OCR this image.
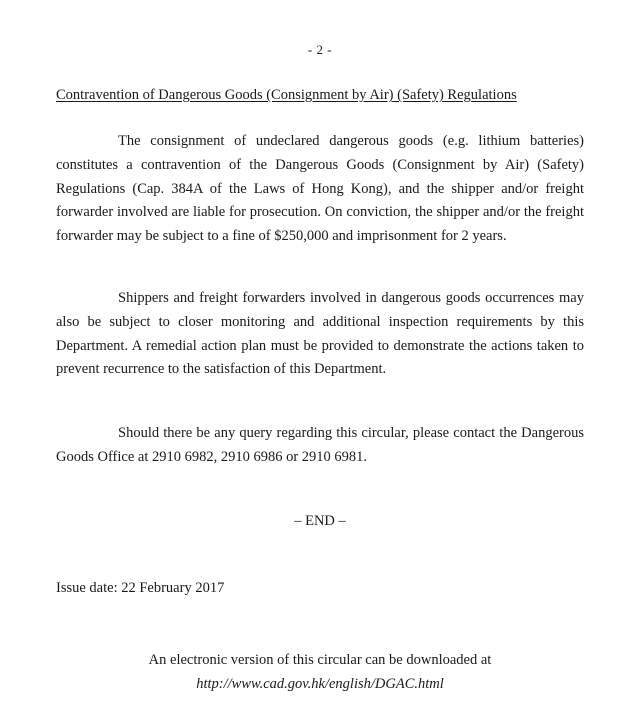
- 2 -
Contravention of Dangerous Goods (Consignment by Air) (Safety) Regulations

The consignment of undeclared dangerous goods (e.g. lithium batteries) constitutes a contravention of the Dangerous Goods (Consignment by Air) (Safety) Regulations (Cap. 384A of the Laws of Hong Kong), and the shipper and/or freight forwarder involved are liable for prosecution. On conviction, the shipper and/or the freight forwarder may be subject to a fine of $250,000 and imprisonment for 2 years.

Shippers and freight forwarders involved in dangerous goods occurrences may also be subject to closer monitoring and additional inspection requirements by this Department. A remedial action plan must be provided to demonstrate the actions taken to prevent recurrence to the satisfaction of this Department.

Should there be any query regarding this circular, please contact the Dangerous Goods Office at 2910 6982, 2910 6986 or 2910 6981.

– END –
Issue date: 22 February 2017
An electronic version of this circular can be downloaded at
http://www.cad.gov.hk/english/DGAC.html
